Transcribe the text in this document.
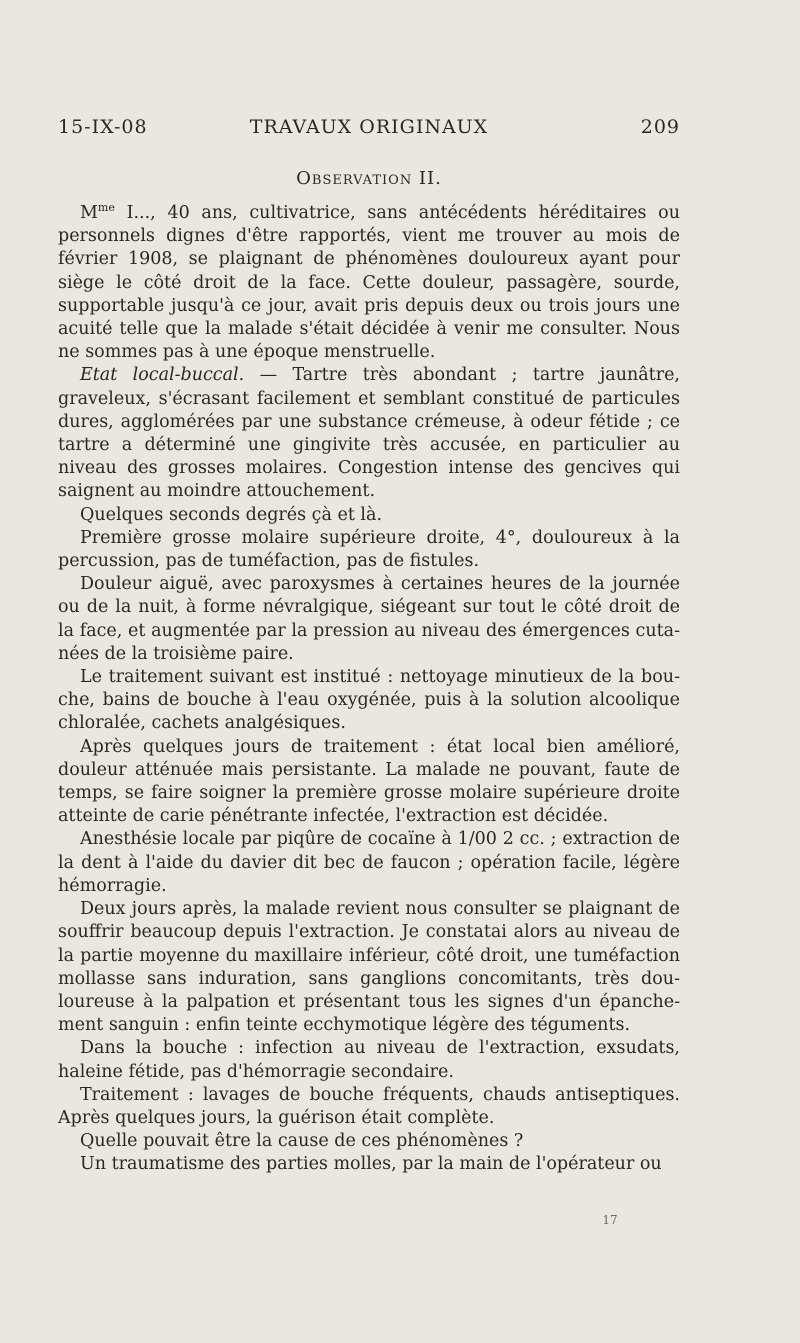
15-IX-08	TRAVAUX ORIGINAUX	209
Observation II.

$M^{me}$ I..., 40 ans, cultivatrice, sans antécédents héréditaires ou personnels dignes d'être rapportés, vient me trouver au mois de février 1908, se plaignant de phénomènes douloureux ayant pour siège le côté droit de la face. Cette douleur, passagère, sourde, supportable jusqu'à ce jour, avait pris depuis deux ou trois jours une acuité telle que la malade s'était décidée à venir me consulter. Nous ne sommes pas à une époque menstruelle.

Etat local-buccal. — Tartre très abondant ; tartre jaunâtre, graveleux, s'écrasant facilement et semblant constitué de particules dures, agglomérées par une substance crémeuse, à odeur fétide ; ce tartre a déterminé une gingivite très accusée, en particulier au niveau des grosses molaires. Congestion intense des gencives qui saignent au moindre attouchement.

Quelques seconds degrés çà et là.

Première grosse molaire supérieure droite, 4°, douloureux à la percussion, pas de tuméfaction, pas de fistules.

Douleur aiguë, avec paroxysmes à certaines heures de la journée ou de la nuit, à forme névralgique, siégeant sur tout le côté droit de la face, et augmentée par la pression au niveau des émergences cutanées de la troisième paire.

Le traitement suivant est institué : nettoyage minutieux de la bouche, bains de bouche à l'eau oxygénée, puis à la solution alcoolique chloralée, cachets analgésiques.

Après quelques jours de traitement : état local bien amélioré, douleur atténuée mais persistante. La malade ne pouvant, faute de temps, se faire soigner la première grosse molaire supérieure droite atteinte de carie pénétrante infectée, l'extraction est décidée.

Anesthésie locale par piqûre de cocaïne à 1/00 2 cc. ; extraction de la dent à l'aide du davier dit bec de faucon ; opération facile, légère hémorragie.

Deux jours après, la malade revient nous consulter se plaignant de souffrir beaucoup depuis l'extraction. Je constatai alors au niveau de la partie moyenne du maxillaire inférieur, côté droit, une tuméfaction mollasse sans induration, sans ganglions concomitants, très douloureuse à la palpation et présentant tous les signes d'un épanchement sanguin : enfin teinte ecchymotique légère des téguments.

Dans la bouche : infection au niveau de l'extraction, exsudats, haleine fétide, pas d'hémorragie secondaire.

Traitement : lavages de bouche fréquents, chauds antiseptiques. Après quelques jours, la guérison était complète.

Quelle pouvait être la cause de ces phénomènes ?

Un traumatisme des parties molles, par la main de l'opérateur ou

17
